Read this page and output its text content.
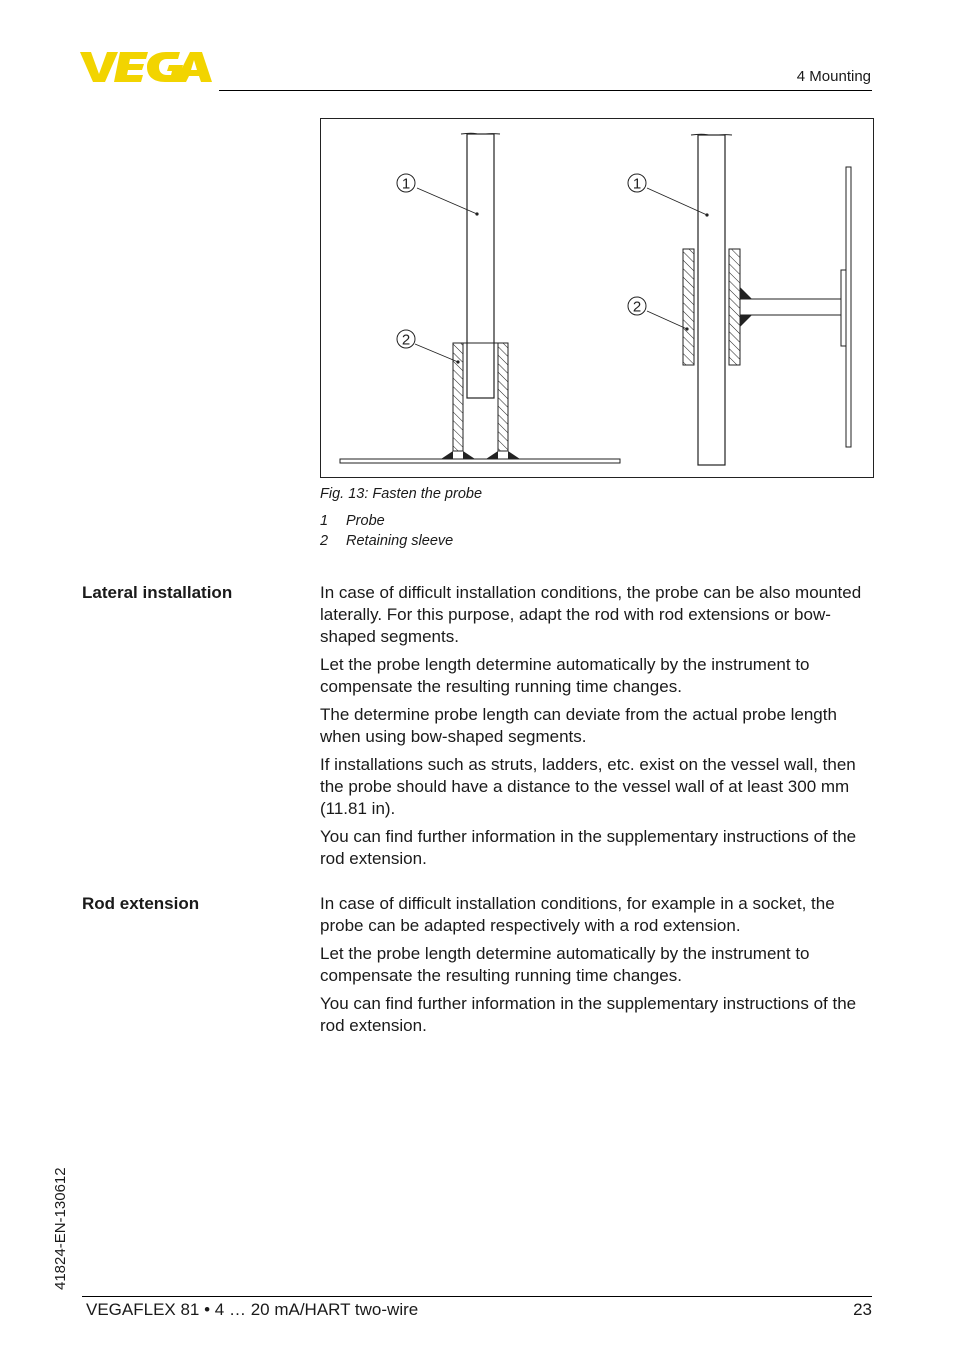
4 Mounting
1
2
1
2
Fig. 13: Fasten the probe
1 Probe
2 Retaining sleeve
Lateral installation	In case of difficult installation conditions, the probe can be also mounted laterally. For this purpose, adapt the rod with rod extensions or bow-shaped segments.

Let the probe length determine automatically by the instrument to compensate the resulting running time changes.

The determine probe length can deviate from the actual probe length when using bow-shaped segments.

If installations such as struts, ladders, etc. exist on the vessel wall, then the probe should have a distance to the vessel wall of at least 300 mm (11.81 in).

You can find further information in the supplementary instructions of the rod extension.

Rod extension	In case of difficult installation conditions, for example in a socket, the probe can be adapted respectively with a rod extension.

Let the probe length determine automatically by the instrument to compensate the resulting running time changes.

You can find further information in the supplementary instructions of the rod extension.

41824-EN-130612
VEGAFLEX 81 • 4 … 20 mA/HART two-wire	23
